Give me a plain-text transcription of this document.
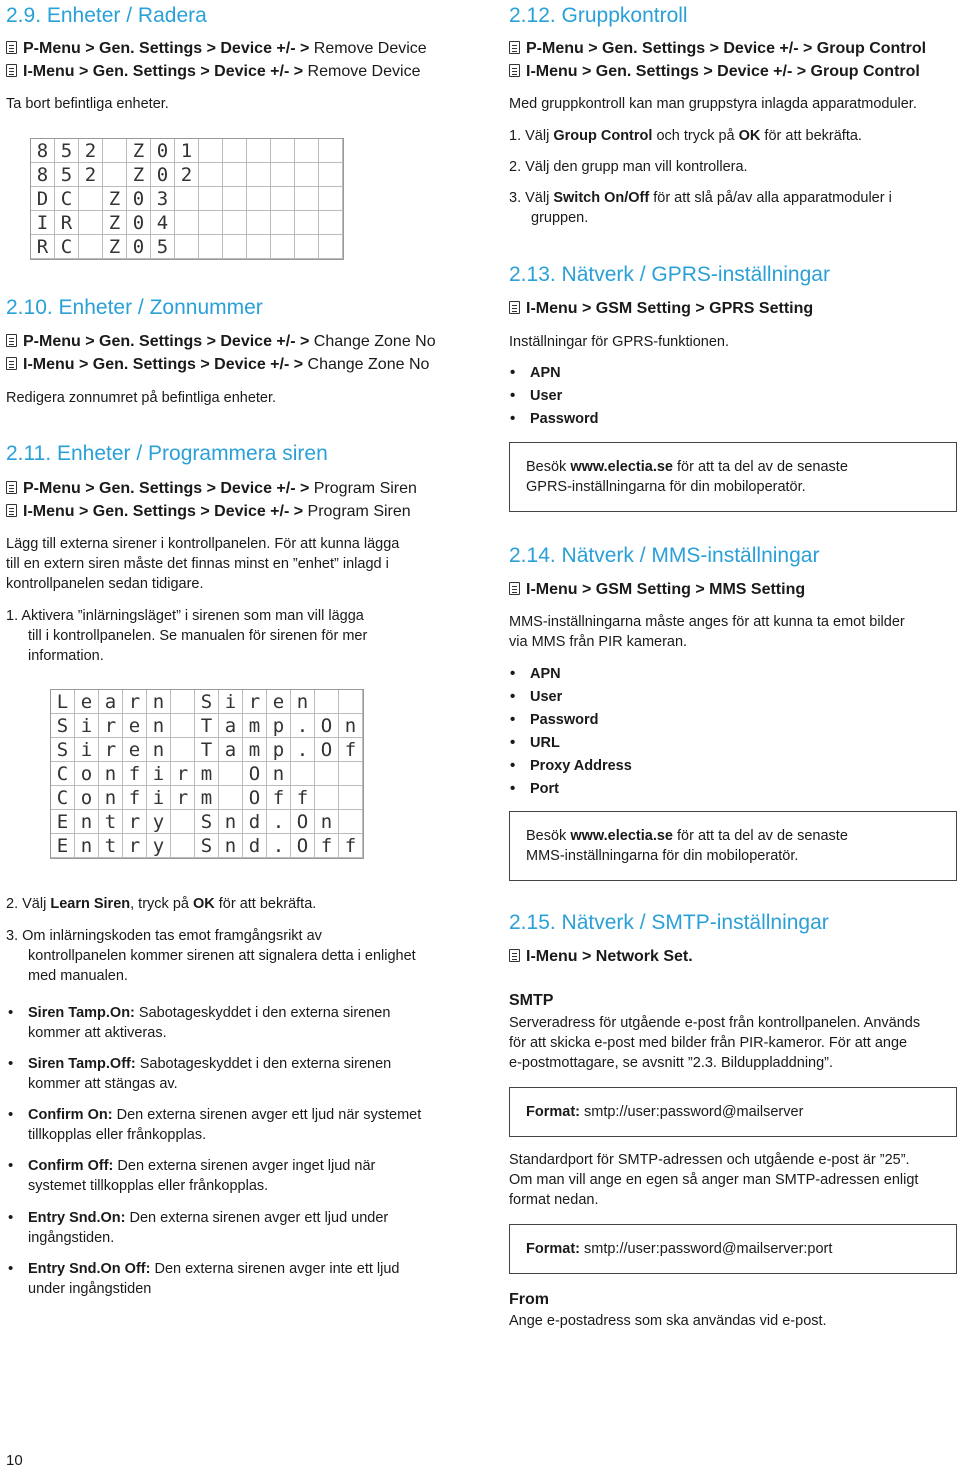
2.9. Enheter / Radera
P-Menu > Gen. Settings > Device +/- > Remove Device
I-Menu > Gen. Settings > Device +/- > Remove Device
Ta bort befintliga enheter.
8 5 2	Z 0 1
8 5 2	Z 0 2
D C	Z 0 3
I R	Z 0 4
R C	Z 0 5
2.10. Enheter / Zonnummer
P-Menu > Gen. Settings > Device +/- > Change Zone No
I-Menu > Gen. Settings > Device +/- > Change Zone No
Redigera zonnumret på befintliga enheter.
2.11. Enheter / Programmera siren
P-Menu > Gen. Settings > Device +/- > Program Siren
I-Menu > Gen. Settings > Device +/- > Program Siren
Lägg till externa sirener i kontrollpanelen. För att kunna lägga
till en extern siren måste det finnas minst en ”enhet” inlagd i
kontrollpanelen sedan tidigare.
1. Aktivera ”inlärningsläget” i sirenen som man vill lägga
till i kontrollpanelen. Se manualen för sirenen för mer
information.
L e a r n	S i r e n
S i r e n	T a m p . O n
S i r e n	T a m p . O f
C o n f i r m	O n
C o n f i r m	O f f
E n t r y	S n d . O n
E n t r y	S n d . O f f
2. Välj Learn Siren, tryck på OK för att bekräfta.
3. Om inlärningskoden tas emot framgångsrikt av
kontrollpanelen kommer sirenen att signalera detta i enlighet
med manualen.
• Siren Tamp.On: Sabotageskyddet i den externa sirenen
kommer att aktiveras.
• Siren Tamp.Off: Sabotageskyddet i den externa sirenen
kommer att stängas av.
• Confirm On: Den externa sirenen avger ett ljud när systemet
tillkopplas eller frånkopplas.
• Confirm Off: Den externa sirenen avger inget ljud när
systemet tillkopplas eller frånkopplas.
• Entry Snd.On: Den externa sirenen avger ett ljud under
ingångstiden.
• Entry Snd.On Off: Den externa sirenen avger inte ett ljud
under ingångstiden
2.12. Gruppkontroll
P-Menu > Gen. Settings > Device +/- > Group Control
I-Menu > Gen. Settings > Device +/- > Group Control
Med gruppkontroll kan man gruppstyra inlagda apparatmoduler.
1. Välj Group Control och tryck på OK för att bekräfta.
2. Välj den grupp man vill kontrollera.
3. Välj Switch On/Off för att slå på/av alla apparatmoduler i
gruppen.
2.13. Nätverk / GPRS-inställningar
I-Menu > GSM Setting > GPRS Setting
Inställningar för GPRS-funktionen.
• APN
• User
• Password
Besök www.electia.se för att ta del av de senaste
GPRS-inställningarna för din mobiloperatör.
2.14. Nätverk / MMS-inställningar
I-Menu > GSM Setting > MMS Setting
MMS-inställningarna måste anges för att kunna ta emot bilder
via MMS från PIR kameran.
• APN
• User
• Password
• URL
• Proxy Address
• Port
Besök www.electia.se för att ta del av de senaste
MMS-inställningarna för din mobiloperatör.
2.15. Nätverk / SMTP-inställningar
I-Menu > Network Set.
SMTP
Serveradress för utgående e-post från kontrollpanelen. Används
för att skicka e-post med bilder från PIR-kameror. För att ange
e-postmottagare, se avsnitt ”2.3. Bilduppladdning”.
Format: smtp://user:password@mailserver
Standardport för SMTP-adressen och utgående e-post är ”25”.
Om man vill ange en egen så anger man SMTP-adressen enligt
format nedan.
Format: smtp://user:password@mailserver:port
From
Ange e-postadress som ska användas vid e-post.
10
